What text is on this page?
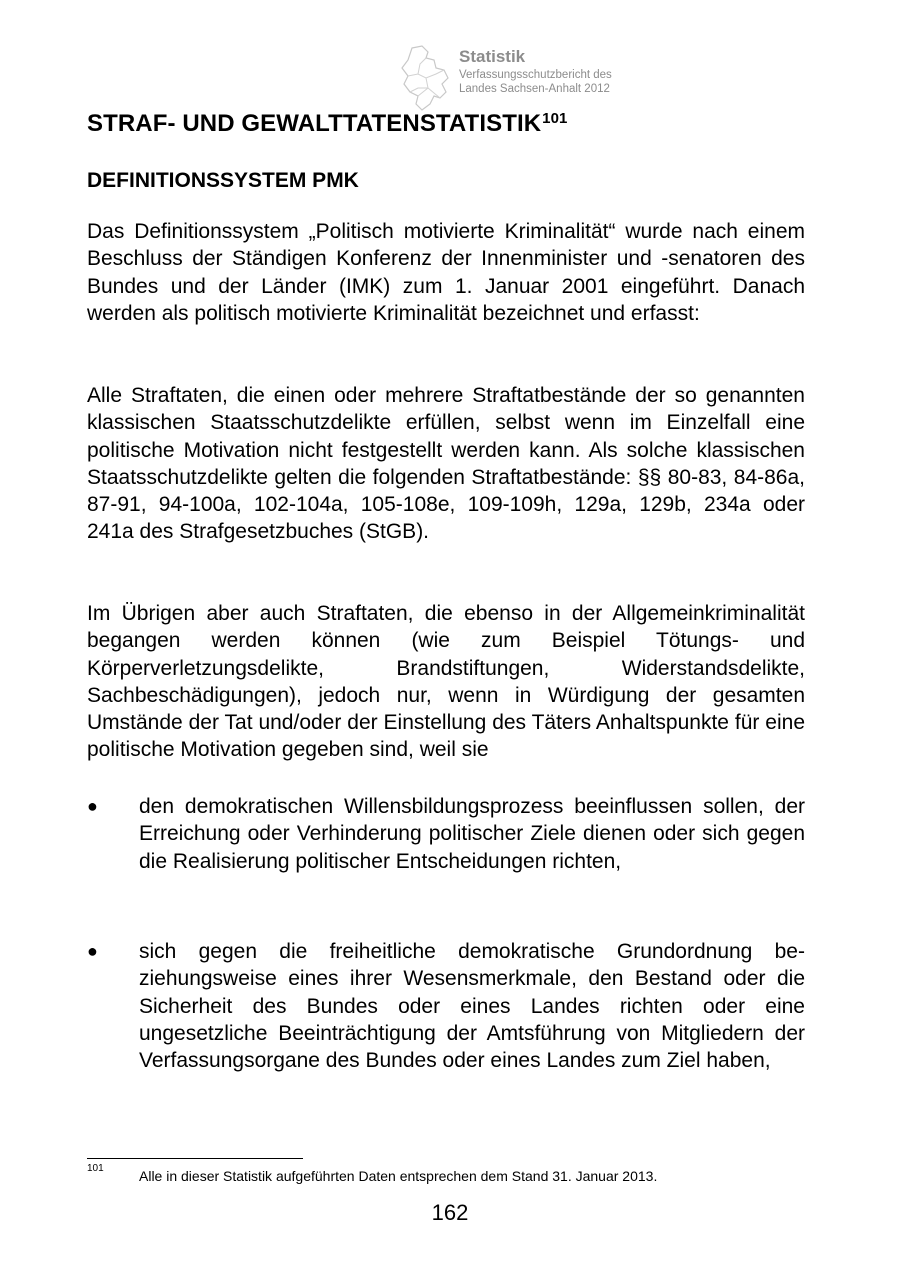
Statistik
Verfassungsschutzbericht des
Landes Sachsen-Anhalt 2012
STRAF- UND GEWALTTATENSTATISTIK$^{101}$
DEFINITIONSSYSTEM PMK
Das Definitionssystem „Politisch motivierte Kriminalität“ wurde nach einem Beschluss der Ständigen Konferenz der Innenminister und -senatoren des Bundes und der Länder (IMK) zum 1. Januar 2001 eingeführt. Danach werden als politisch motivierte Kriminalität bezeichnet und erfasst:
Alle Straftaten, die einen oder mehrere Straftatbestände der so genannten klassischen Staatsschutzdelikte erfüllen, selbst wenn im Einzelfall eine politische Motivation nicht festgestellt werden kann. Als solche klassischen Staatsschutzdelikte gelten die folgenden Straftatbestände: §§ 80-83, 84-86a, 87-91, 94-100a, 102-104a, 105-108e, 109-109h, 129a, 129b, 234a oder 241a des Strafgesetzbuches (StGB).
Im Übrigen aber auch Straftaten, die ebenso in der Allgemeinkriminalität begangen werden können (wie zum Beispiel Tötungs- und Körperverletzungsdelikte, Brandstiftungen, Widerstandsdelikte, Sachbeschädigungen), jedoch nur, wenn in Würdigung der gesamten Umstände der Tat und/oder der Einstellung des Täters Anhaltspunkte für eine politische Motivation gegeben sind, weil sie
● den demokratischen Willensbildungsprozess beeinflussen sollen, der Erreichung oder Verhinderung politischer Ziele dienen oder sich gegen die Realisierung politischer Entscheidungen richten,
● sich gegen die freiheitliche demokratische Grundordnung beziehungsweise eines ihrer Wesensmerkmale, den Bestand oder die Sicherheit des Bundes oder eines Landes richten oder eine ungesetzliche Beeinträchtigung der Amtsführung von Mitgliedern der Verfassungsorgane des Bundes oder eines Landes zum Ziel haben,
101	Alle in dieser Statistik aufgeführten Daten entsprechen dem Stand 31. Januar 2013.
162
